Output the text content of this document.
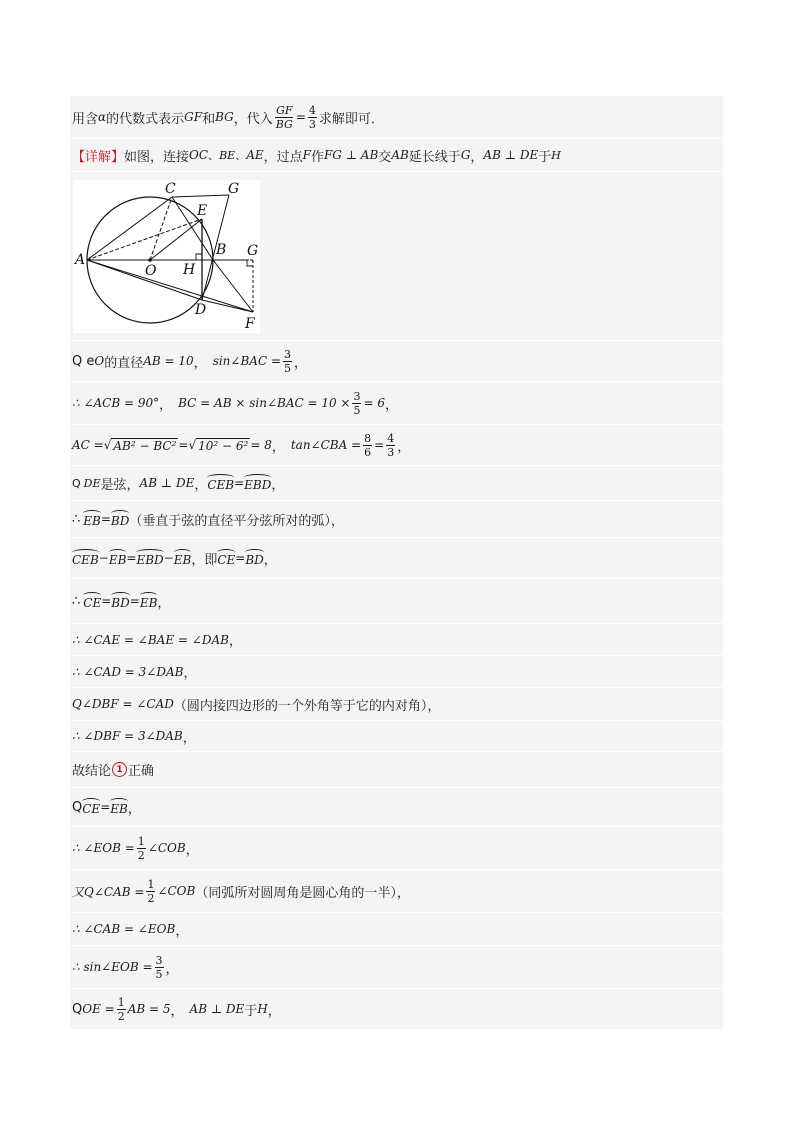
用含 α 的代数式表示 GF 和 BG ，代入 $\frac{GF}{BG} = \frac{4}{3}$ 求解即可．
【详解】 如图，连接 OC 、 BE 、 AE ，过点 F 作 FG ⊥ AB 交 AB 延长线于 G ， AB ⊥ DE 于 H
A
C
E
G
O H
B G
D
F
Q e O 的直径 AB = 10 ， sin∠BAC = $\frac{3}{5}$ ，
∴ ∠ACB = 90° ， BC = AB × sin∠BAC = $10 \times \frac{3}{5} = 6$ ，
AC = √ AB² − BC² = √ 10² − 6² = 8 ， tan∠CBA = $\frac{8}{6} = \frac{4}{3}$ ，
Q DE 是弦， AB ⊥ DE ， CEB = EBD ，
∴ EB = BD （垂直于弦的直径平分弦所对的弧），
CEB − EB = EBD − EB ，即 CE = BD ，
∴ CE = BD = EB ，
∴ ∠CAE = ∠BAE = ∠DAB ，
∴ ∠CAD = 3∠DAB ，
Q∠DBF = ∠CAD （圆内接四边形的一个外角等于它的内对角），
∴ ∠DBF = 3∠DAB ，
故结论 1 正确
Q CE = EB ，
∴ ∠EOB = $\frac{1}{2}$ ∠COB ，
又Q∠CAB = $\frac{1}{2}$ ∠COB （同弧所对圆周角是圆心角的一半），
∴ ∠CAB = ∠EOB ，
∴ sin∠EOB = $\frac{3}{5}$ ，
Q OE = $\frac{1}{2}$ AB = 5 ， AB ⊥ DE 于 H ，
